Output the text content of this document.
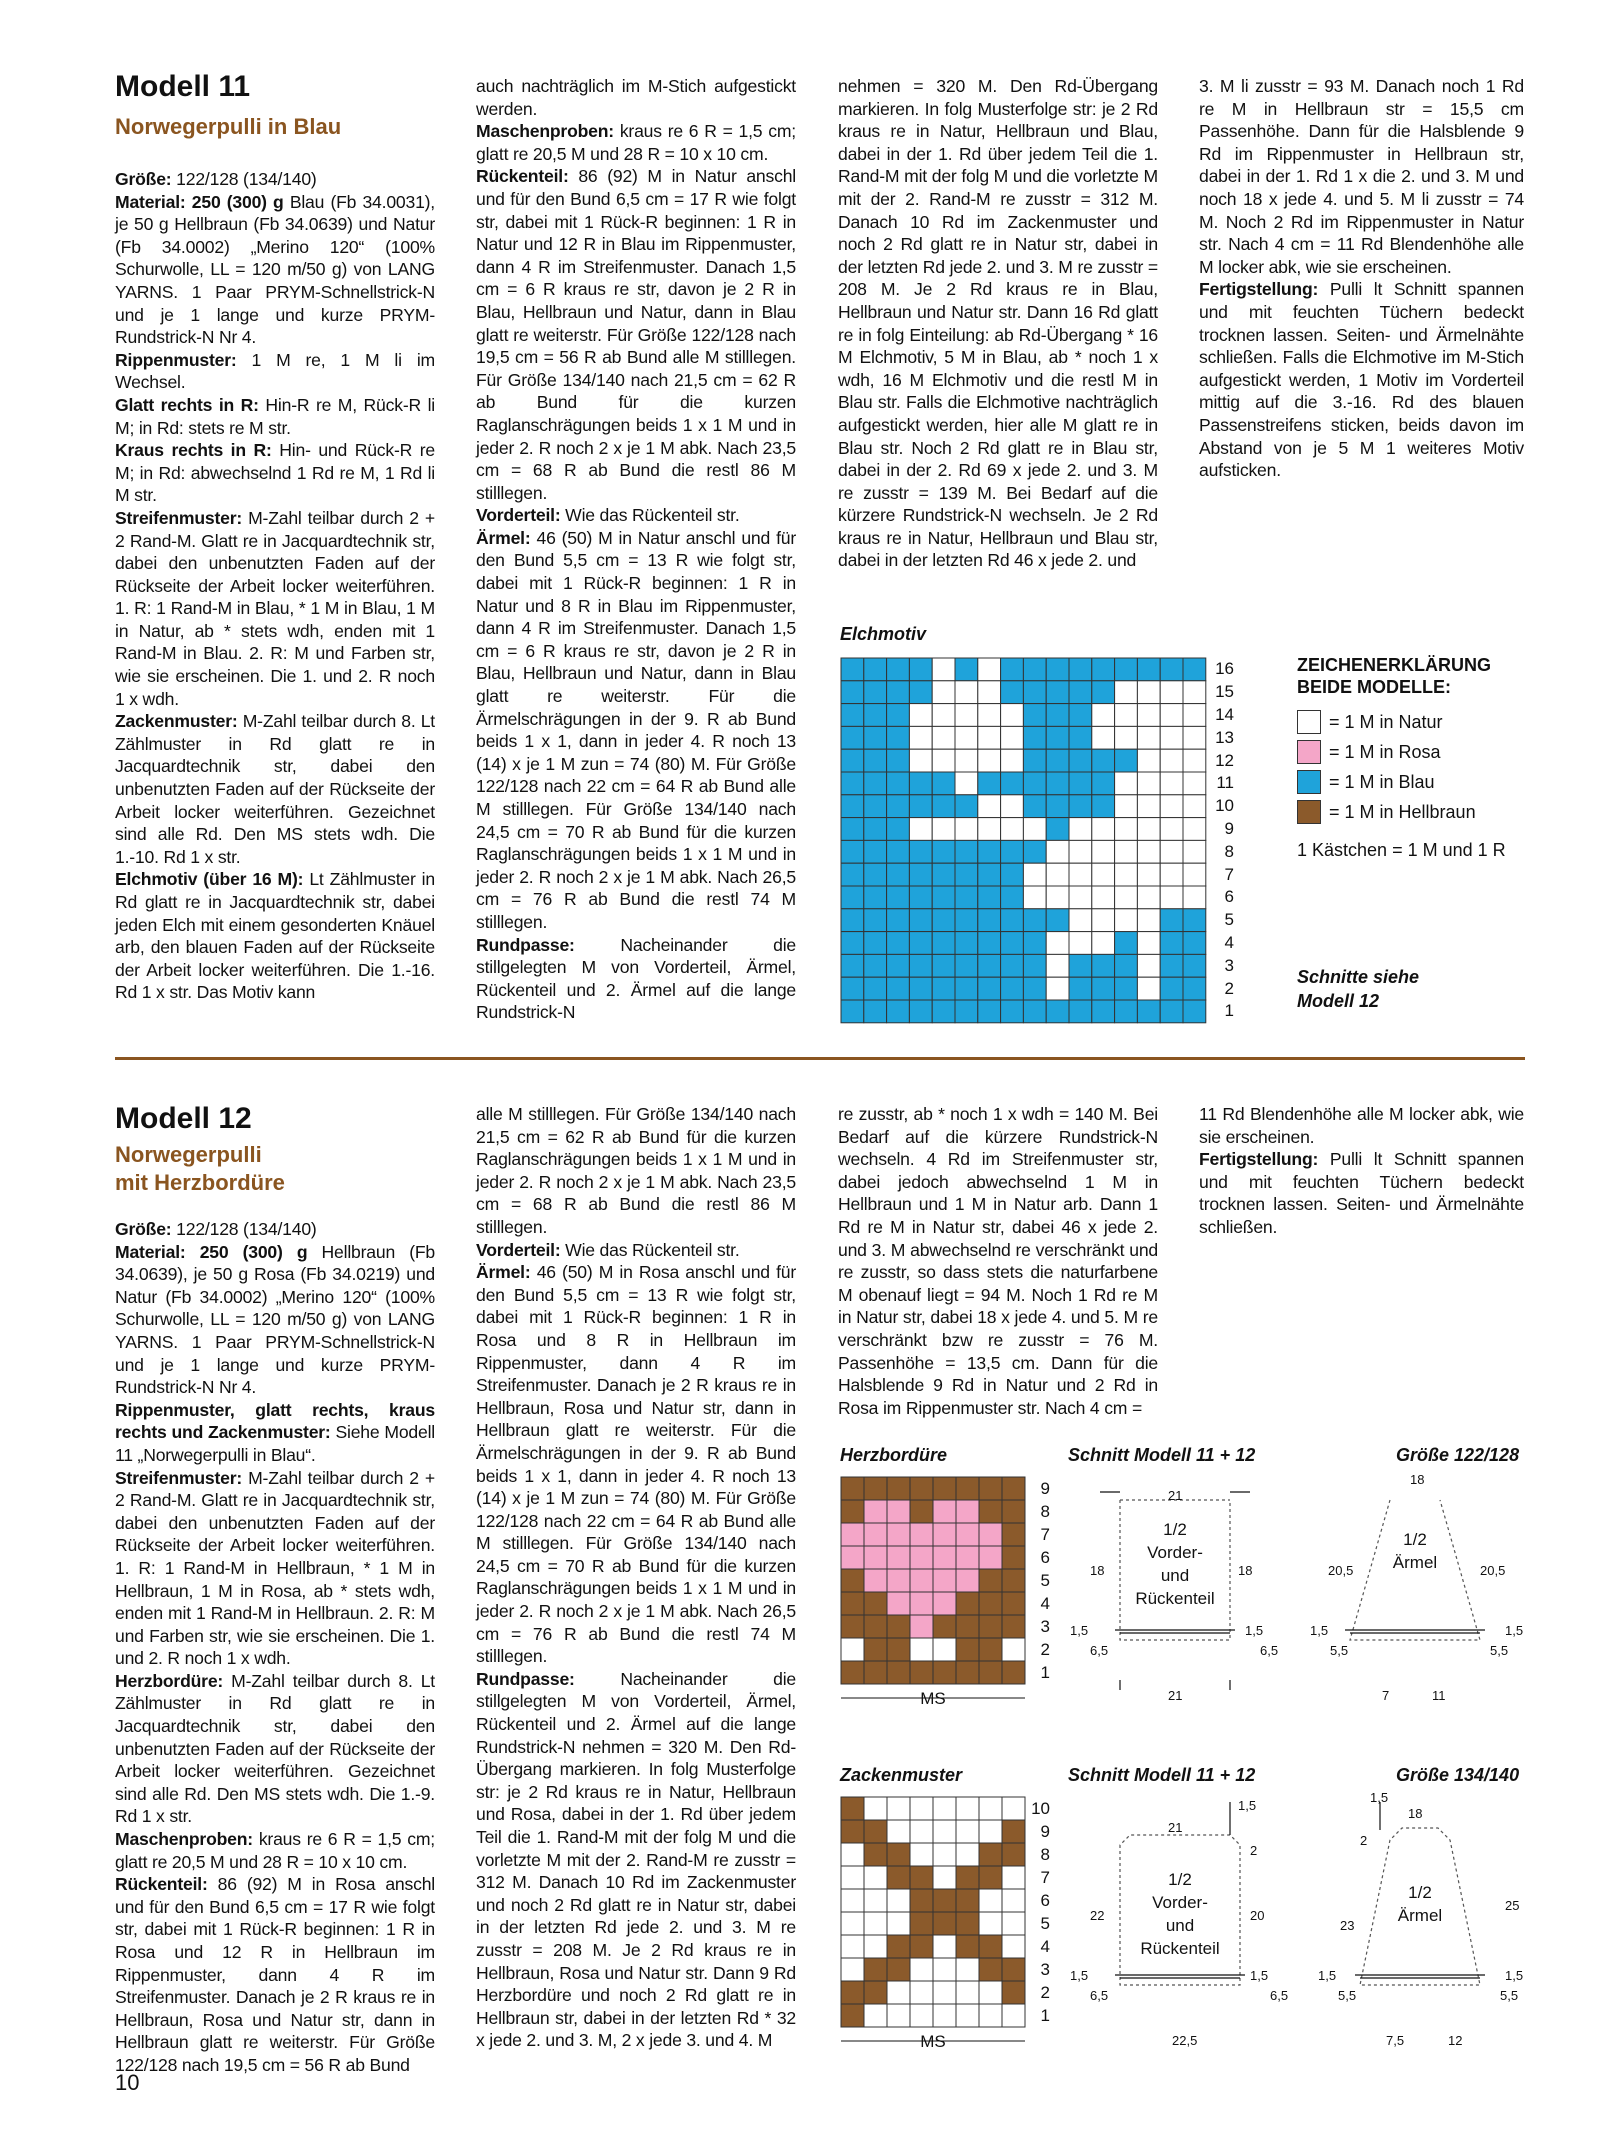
Modell 11
Norwegerpulli in Blau

Größe: 122/128 (134/140)

Material: 250 (300) g Blau (Fb 34.0031), je 50 g Hellbraun (Fb 34.0639) und Natur (Fb 34.0002) „Merino 120“ (100% Schurwolle, LL = 120 m/50 g) von LANG YARNS. 1 Paar PRYM-Schnellstrick-N und je 1 lange und kurze PRYM-Rundstrick-N Nr 4.

Rippenmuster: 1 M re, 1 M li im Wechsel.

Glatt rechts in R: Hin-R re M, Rück-R li M; in Rd: stets re M str.

Kraus rechts in R: Hin- und Rück-R re M; in Rd: abwechselnd 1 Rd re M, 1 Rd li M str.

Streifenmuster: M-Zahl teilbar durch 2 + 2 Rand-M. Glatt re in Jacquardtechnik str, dabei den unbenutzten Faden auf der Rückseite der Arbeit locker weiterführen. 1. R: 1 Rand-M in Blau, * 1 M in Blau, 1 M in Natur, ab * stets wdh, enden mit 1 Rand-M in Blau. 2. R: M und Farben str, wie sie erscheinen. Die 1. und 2. R noch 1 x wdh.

Zackenmuster: M-Zahl teilbar durch 8. Lt Zählmuster in Rd glatt re in Jacquardtechnik str, dabei den unbenutzten Faden auf der Rückseite der Arbeit locker weiterführen. Gezeichnet sind alle Rd. Den MS stets wdh. Die 1.-10. Rd 1 x str.

Elchmotiv (über 16 M): Lt Zählmuster in Rd glatt re in Jacquardtechnik str, dabei jeden Elch mit einem gesonderten Knäuel arb, den blauen Faden auf der Rückseite der Arbeit locker weiterführen. Die 1.-16. Rd 1 x str. Das Motiv kann

auch nachträglich im M-Stich aufgestickt werden.

Maschenproben: kraus re 6 R = 1,5 cm; glatt re 20,5 M und 28 R = 10 x 10 cm.

Rückenteil: 86 (92) M in Natur anschl und für den Bund 6,5 cm = 17 R wie folgt str, dabei mit 1 Rück-R beginnen: 1 R in Natur und 12 R in Blau im Rippenmuster, dann 4 R im Streifenmuster. Danach 1,5 cm = 6 R kraus re str, davon je 2 R in Blau, Hellbraun und Natur, dann in Blau glatt re weiterstr. Für Größe 122/128 nach 19,5 cm = 56 R ab Bund alle M stilllegen. Für Größe 134/140 nach 21,5 cm = 62 R ab Bund für die kurzen Raglanschrägungen beids 1 x 1 M und in jeder 2. R noch 2 x je 1 M abk. Nach 23,5 cm = 68 R ab Bund die restl 86 M stilllegen.

Vorderteil: Wie das Rückenteil str.

Ärmel: 46 (50) M in Natur anschl und für den Bund 5,5 cm = 13 R wie folgt str, dabei mit 1 Rück-R beginnen: 1 R in Natur und 8 R in Blau im Rippenmuster, dann 4 R im Streifenmuster. Danach 1,5 cm = 6 R kraus re str, davon je 2 R in Blau, Hellbraun und Natur, dann in Blau glatt re weiterstr. Für die Ärmelschrägungen in der 9. R ab Bund beids 1 x 1, dann in jeder 4. R noch 13 (14) x je 1 M zun = 74 (80) M. Für Größe 122/128 nach 22 cm = 64 R ab Bund alle M stilllegen. Für Größe 134/140 nach 24,5 cm = 70 R ab Bund für die kurzen Raglanschrägungen beids 1 x 1 M und in jeder 2. R noch 2 x je 1 M abk. Nach 26,5 cm = 76 R ab Bund die restl 74 M stilllegen.

Rundpasse: Nacheinander die stillgelegten M von Vorderteil, Ärmel, Rückenteil und 2. Ärmel auf die lange Rundstrick-N

nehmen = 320 M. Den Rd-Übergang markieren. In folg Musterfolge str: je 2 Rd kraus re in Natur, Hellbraun und Blau, dabei in der 1. Rd über jedem Teil die 1. Rand-M mit der folg M und die vorletzte M mit der 2. Rand-M re zusstr = 312 M. Danach 10 Rd im Zackenmuster und noch 2 Rd glatt re in Natur str, dabei in der letzten Rd jede 2. und 3. M re zusstr = 208 M. Je 2 Rd kraus re in Blau, Hellbraun und Natur str. Dann 16 Rd glatt re in folg Einteilung: ab Rd-Übergang * 16 M Elchmotiv, 5 M in Blau, ab * noch 1 x wdh, 16 M Elchmotiv und die restl M in Blau str. Falls die Elchmotive nachträglich aufgestickt werden, hier alle M glatt re in Blau str. Noch 2 Rd glatt re in Blau str, dabei in der 2. Rd 69 x jede 2. und 3. M re zusstr = 139 M. Bei Bedarf auf die kürzere Rundstrick-N wechseln. Je 2 Rd kraus re in Natur, Hellbraun und Blau str, dabei in der letzten Rd 46 x jede 2. und

3. M li zusstr = 93 M. Danach noch 1 Rd re M in Hellbraun str = 15,5 cm Passenhöhe. Dann für die Halsblende 9 Rd im Rippenmuster in Hellbraun str, dabei in der 1. Rd 1 x die 2. und 3. M und noch 18 x jede 4. und 5. M li zusstr = 74 M. Noch 2 Rd im Rippenmuster in Natur str. Nach 4 cm = 11 Rd Blendenhöhe alle M locker abk, wie sie erscheinen.

Fertigstellung: Pulli lt Schnitt spannen und mit feuchten Tüchern bedeckt trocknen lassen. Seiten- und Ärmelnähte schließen. Falls die Elchmotive im M-Stich aufgestickt werden, 1 Motiv im Vorderteil mittig auf die 3.-16. Rd des blauen Passenstreifens sticken, beids davon im Abstand von je 5 M 1 weiteres Motiv aufsticken.

Elchmotiv
16
15
14
13
12
11
10
9
8
7
6
5
4
3
2
1
ZEICHENERKLÄRUNG
BEIDE MODELLE:
= 1 M in Natur
= 1 M in Rosa
= 1 M in Blau
= 1 M in Hellbraun
1 Kästchen = 1 M und 1 R
Schnitte siehe
Modell 12
Modell 12
Norwegerpulli
mit Herzbordüre

Größe: 122/128 (134/140)

Material: 250 (300) g Hellbraun (Fb 34.0639), je 50 g Rosa (Fb 34.0219) und Natur (Fb 34.0002) „Merino 120“ (100% Schurwolle, LL = 120 m/50 g) von LANG YARNS. 1 Paar PRYM-Schnellstrick-N und je 1 lange und kurze PRYM-Rundstrick-N Nr 4.

Rippenmuster, glatt rechts, kraus rechts und Zackenmuster: Siehe Modell 11 „Norwegerpulli in Blau“.

Streifenmuster: M-Zahl teilbar durch 2 + 2 Rand-M. Glatt re in Jacquardtechnik str, dabei den unbenutzten Faden auf der Rückseite der Arbeit locker weiterführen. 1. R: 1 Rand-M in Hellbraun, * 1 M in Hellbraun, 1 M in Rosa, ab * stets wdh, enden mit 1 Rand-M in Hellbraun. 2. R: M und Farben str, wie sie erscheinen. Die 1. und 2. R noch 1 x wdh.

Herzbordüre: M-Zahl teilbar durch 8. Lt Zählmuster in Rd glatt re in Jacquardtechnik str, dabei den unbenutzten Faden auf der Rückseite der Arbeit locker weiterführen. Gezeichnet sind alle Rd. Den MS stets wdh. Die 1.-9. Rd 1 x str.

Maschenproben: kraus re 6 R = 1,5 cm; glatt re 20,5 M und 28 R = 10 x 10 cm.

Rückenteil: 86 (92) M in Rosa anschl und für den Bund 6,5 cm = 17 R wie folgt str, dabei mit 1 Rück-R beginnen: 1 R in Rosa und 12 R in Hellbraun im Rippenmuster, dann 4 R im Streifenmuster. Danach je 2 R kraus re in Hellbraun, Rosa und Natur str, dann in Hellbraun glatt re weiterstr. Für Größe 122/128 nach 19,5 cm = 56 R ab Bund

alle M stilllegen. Für Größe 134/140 nach 21,5 cm = 62 R ab Bund für die kurzen Raglanschrägungen beids 1 x 1 M und in jeder 2. R noch 2 x je 1 M abk. Nach 23,5 cm = 68 R ab Bund die restl 86 M stilllegen.

Vorderteil: Wie das Rückenteil str.

Ärmel: 46 (50) M in Rosa anschl und für den Bund 5,5 cm = 13 R wie folgt str, dabei mit 1 Rück-R beginnen: 1 R in Rosa und 8 R in Hellbraun im Rippenmuster, dann 4 R im Streifenmuster. Danach je 2 R kraus re in Hellbraun, Rosa und Natur str, dann in Hellbraun glatt re weiterstr. Für die Ärmelschrägungen in der 9. R ab Bund beids 1 x 1, dann in jeder 4. R noch 13 (14) x je 1 M zun = 74 (80) M. Für Größe 122/128 nach 22 cm = 64 R ab Bund alle M stilllegen. Für Größe 134/140 nach 24,5 cm = 70 R ab Bund für die kurzen Raglanschrägungen beids 1 x 1 M und in jeder 2. R noch 2 x je 1 M abk. Nach 26,5 cm = 76 R ab Bund die restl 74 M stilllegen.

Rundpasse: Nacheinander die stillgelegten M von Vorderteil, Ärmel, Rückenteil und 2. Ärmel auf die lange Rundstrick-N nehmen = 320 M. Den Rd-Übergang markieren. In folg Musterfolge str: je 2 Rd kraus re in Natur, Hellbraun und Rosa, dabei in der 1. Rd über jedem Teil die 1. Rand-M mit der folg M und die vorletzte M mit der 2. Rand-M re zusstr = 312 M. Danach 10 Rd im Zackenmuster und noch 2 Rd glatt re in Natur str, dabei in der letzten Rd jede 2. und 3. M re zusstr = 208 M. Je 2 Rd kraus re in Hellbraun, Rosa und Natur str. Dann 9 Rd Herzbordüre und noch 2 Rd glatt re in Hellbraun str, dabei in der letzten Rd * 32 x jede 2. und 3. M, 2 x jede 3. und 4. M

re zusstr, ab * noch 1 x wdh = 140 M. Bei Bedarf auf die kürzere Rundstrick-N wechseln. 4 Rd im Streifenmuster str, dabei jedoch abwechselnd 1 M in Hellbraun und 1 M in Natur arb. Dann 1 Rd re M in Natur str, dabei 46 x jede 2. und 3. M abwechselnd re verschränkt und re zusstr, so dass stets die naturfarbene M obenauf liegt = 94 M. Noch 1 Rd re M in Natur str, dabei 18 x jede 4. und 5. M re verschränkt bzw re zusstr = 76 M. Passenhöhe = 13,5 cm. Dann für die Halsblende 9 Rd in Natur und 2 Rd in Rosa im Rippenmuster str. Nach 4 cm =

11 Rd Blendenhöhe alle M locker abk, wie sie erscheinen.

Fertigstellung: Pulli lt Schnitt spannen und mit feuchten Tüchern bedeckt trocknen lassen. Seiten- und Ärmelnähte schließen.

Herzbordüre
MS
9
8
7
6
5
4
3
2
1
Zackenmuster
MS
10
9
8
7
6
5
4
3
2
1
Schnitt Modell 11 + 12	Größe 122/128
21
18	18
1,5	1,5
6,5	6,5
21
18
20,5	20,5
1,5	1,5
5,5	5,5
7	11
1/2
Vorder-
und
Rückenteil
1/2
Ärmel
Schnitt Modell 11 + 12	Größe 134/140
21
1,5
2
22	20
1,5	1,5
6,5	6,5
22,5
18
1,5
2
23
25
1,5	1,5
5,5	5,5
7,5	12
1/2
Vorder-
und
Rückenteil
1/2
Ärmel
10
